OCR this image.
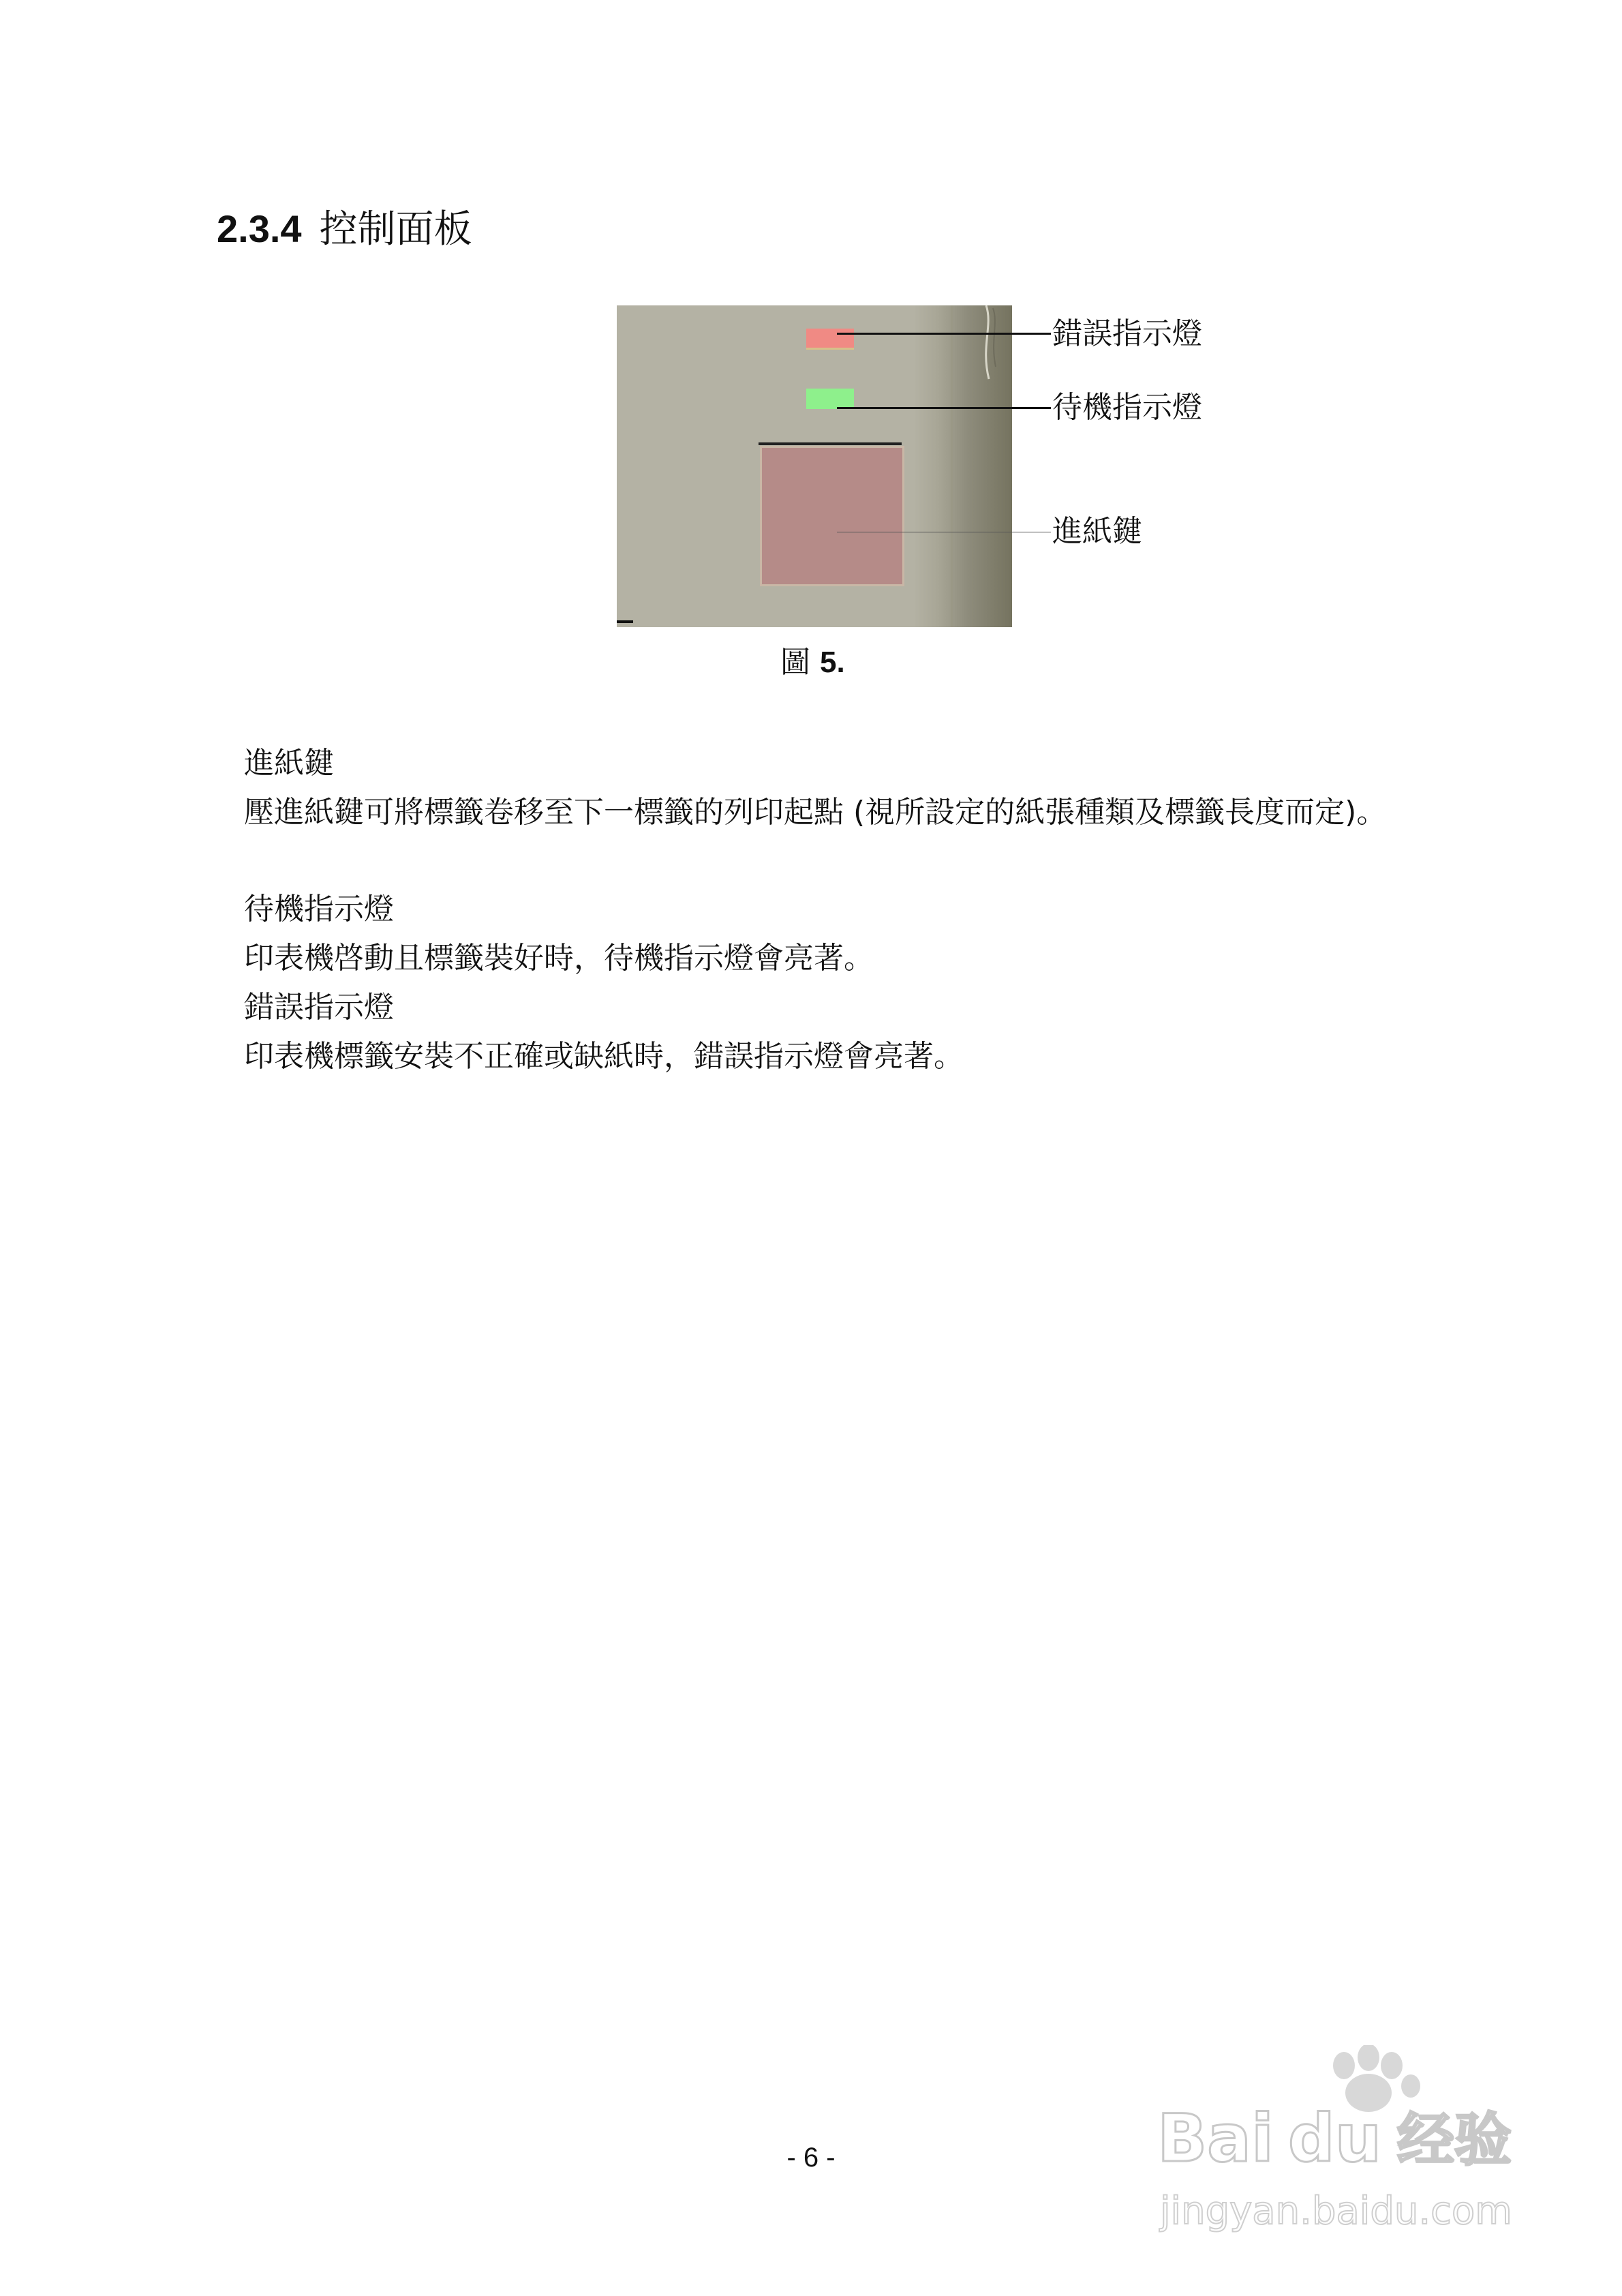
2.3.4 控制面板
錯誤指示燈
待機指示燈
進紙鍵
圖 5.
進紙鍵
壓進紙鍵可將標籤卷移至下一標籤的列印起點 (視所設定的紙張種類及標籤長度而定)。
待機指示燈
印表機啓動且標籤裝好時，待機指示燈會亮著。
錯誤指示燈
印表機標籤安裝不正確或缺紙時，錯誤指示燈會亮著。
- 6 -	Bai du 经验
jingyan.baidu.com
